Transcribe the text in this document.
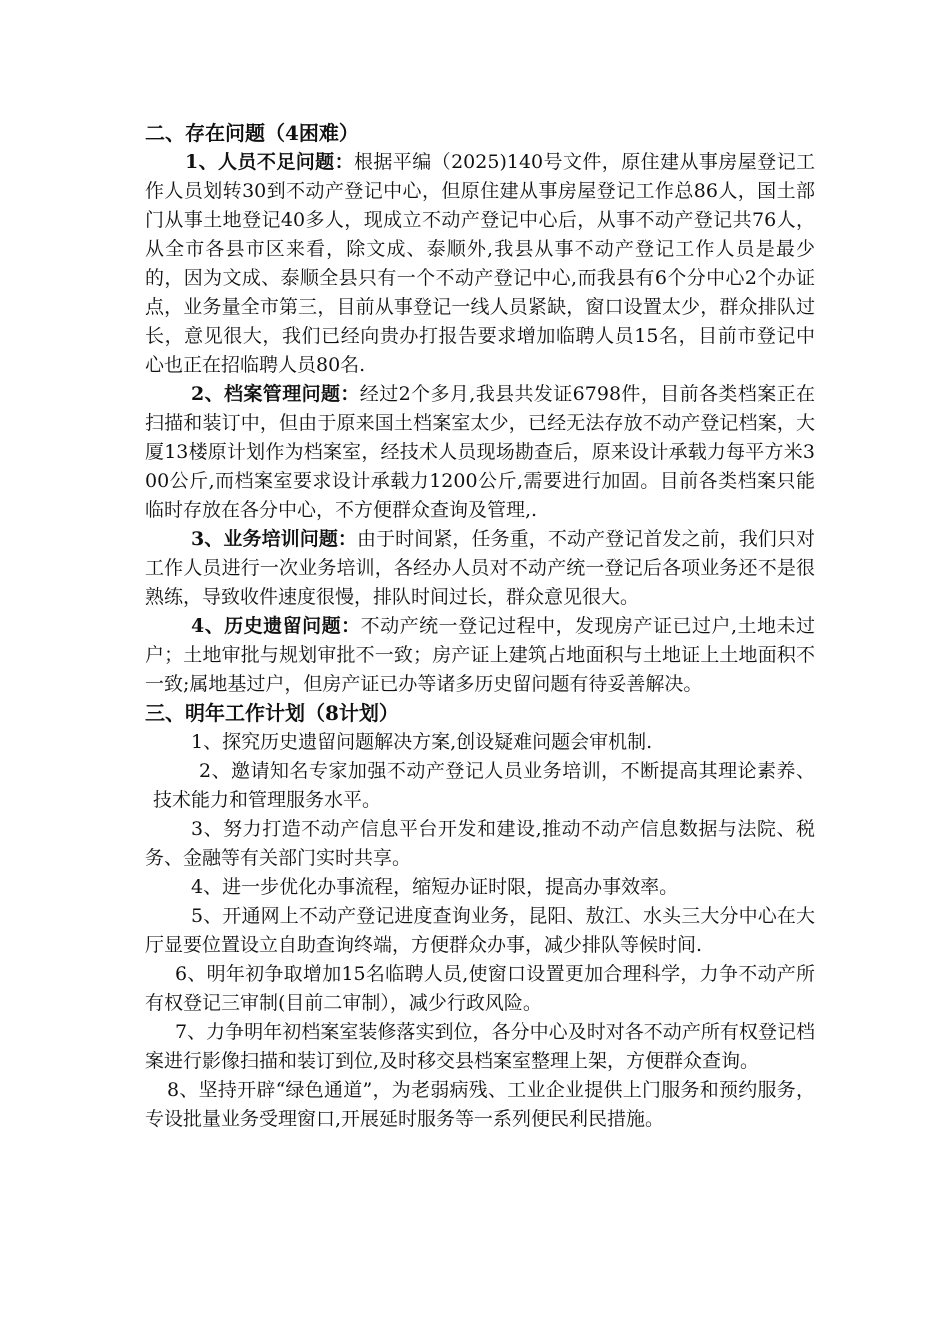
二、存在问题（4困难）

1、人员不足问题：根据平编（2025)140号文件，原住建从事房屋登记工作人员划转30到不动产登记中心，但原住建从事房屋登记工作总86人，国土部门从事土地登记40多人，现成立不动产登记中心后，从事不动产登记共76人，从全市各县市区来看，除文成、泰顺外,我县从事不动产登记工作人员是最少的，因为文成、泰顺全县只有一个不动产登记中心,而我县有6个分中心2个办证点，业务量全市第三，目前从事登记一线人员紧缺，窗口设置太少，群众排队过长，意见很大，我们已经向贵办打报告要求增加临聘人员15名，目前市登记中心也正在招临聘人员80名.

2、档案管理问题：经过2个多月,我县共发证6798件，目前各类档案正在扫描和装订中，但由于原来国土档案室太少，已经无法存放不动产登记档案，大厦13楼原计划作为档案室，经技术人员现场勘查后，原来设计承载力每平方米300公斤,而档案室要求设计承载力1200公斤,需要进行加固。目前各类档案只能临时存放在各分中心，不方便群众查询及管理,.

3、业务培训问题：由于时间紧，任务重，不动产登记首发之前，我们只对工作人员进行一次业务培训，各经办人员对不动产统一登记后各项业务还不是很熟练，导致收件速度很慢，排队时间过长，群众意见很大。

4、历史遗留问题：不动产统一登记过程中，发现房产证已过户,土地未过户；土地审批与规划审批不一致；房产证上建筑占地面积与土地证上土地面积不一致;属地基过户，但房产证已办等诸多历史留问题有待妥善解决。

三、明年工作计划（8计划）

1、探究历史遗留问题解决方案,创设疑难问题会审机制.

2、邀请知名专家加强不动产登记人员业务培训，不断提高其理论素养、技术能力和管理服务水平。

3、努力打造不动产信息平台开发和建设,推动不动产信息数据与法院、税务、金融等有关部门实时共享。

4、进一步优化办事流程，缩短办证时限，提高办事效率。

5、开通网上不动产登记进度查询业务，昆阳、敖江、水头三大分中心在大厅显要位置设立自助查询终端，方便群众办事，减少排队等候时间.

6、明年初争取增加15名临聘人员,使窗口设置更加合理科学，力争不动产所有权登记三审制(目前二审制），减少行政风险。

7、力争明年初档案室装修落实到位，各分中心及时对各不动产所有权登记档案进行影像扫描和装订到位,及时移交县档案室整理上架，方便群众查询。

8、坚持开辟“绿色通道”，为老弱病残、工业企业提供上门服务和预约服务，专设批量业务受理窗口,开展延时服务等一系列便民利民措施。
